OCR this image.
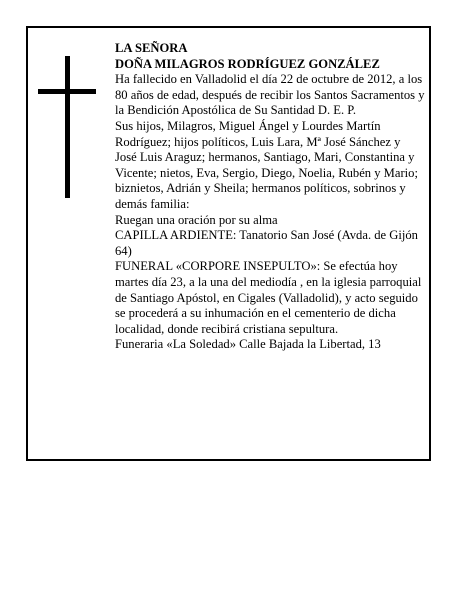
LA SEÑORA

DOÑA MILAGROS RODRÍGUEZ GONZÁLEZ

Ha fallecido en Valladolid el día 22 de octubre de 2012, a los 80 años de edad, después de recibir los Santos Sacramentos y la Bendición Apostólica de Su Santidad D. E. P.

Sus hijos, Milagros, Miguel Ángel y Lourdes Martín Rodríguez; hijos políticos, Luis Lara, Mª José Sánchez y José Luis Araguz; hermanos, Santiago, Mari, Constantina y Vicente; nietos, Eva, Sergio, Diego, Noelia, Rubén y Mario; biznietos, Adrián y Sheila; hermanos políticos, sobrinos y demás familia:

Ruegan una oración por su alma

CAPILLA ARDIENTE: Tanatorio San José (Avda. de Gijón 64)

FUNERAL «CORPORE INSEPULTO»: Se efectúa hoy martes día 23, a la una del mediodía , en la iglesia parroquial de Santiago Apóstol, en Cigales (Valladolid), y acto seguido se procederá a su inhumación en el cementerio de dicha localidad, donde recibirá cristiana sepultura.

Funeraria «La Soledad» Calle Bajada la Libertad, 13
